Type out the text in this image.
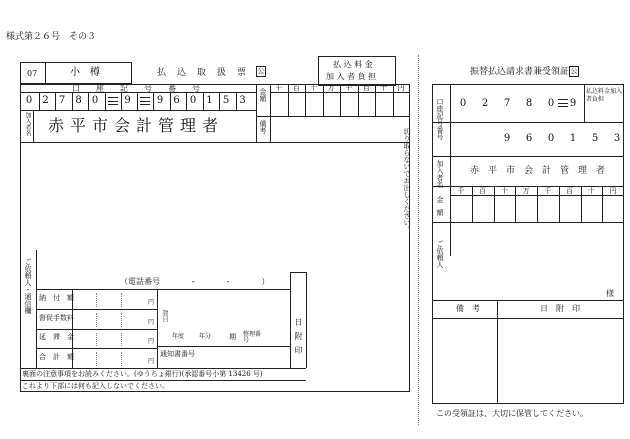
様式第２６号　その３
07	小　樽	払　込　取　扱　票 公
払 込 料 金
加 入 者 負 担
口　　座　　記　　号　　番　　号	金額
加入者名 赤平市会計管理者	備考
ご依頼人・通信欄	（電話番号　　　　-　　　　-　　　　）
日附印
賀目
年度 年分	期 整理番号
通知書番号
裏面の注意事項をお読みください。(ゆうちょ銀行)(承認番号小第 13426 号)
これより下部には何も記入しないでください。
切り取らないでお出しください。
振替払込請求書兼受領証 公
口座記号番号
払込料金加入者負担
加入者名	赤　平　市　会　計　管　理　者
金額
ご依頼人
様
備　考	日　附　印
この受領証は、大切に保管してください。
0	2	7	8	0	9	9	6	0	1	5	3
千	百	十	万	千	百	十	円
納　付　額
円
督促手数料
円
延　滞　金
円
合　計　額
円
0	2	7	8	0	9
9	6	0	1	5	3
千	百	十	万	千	百	十	円
